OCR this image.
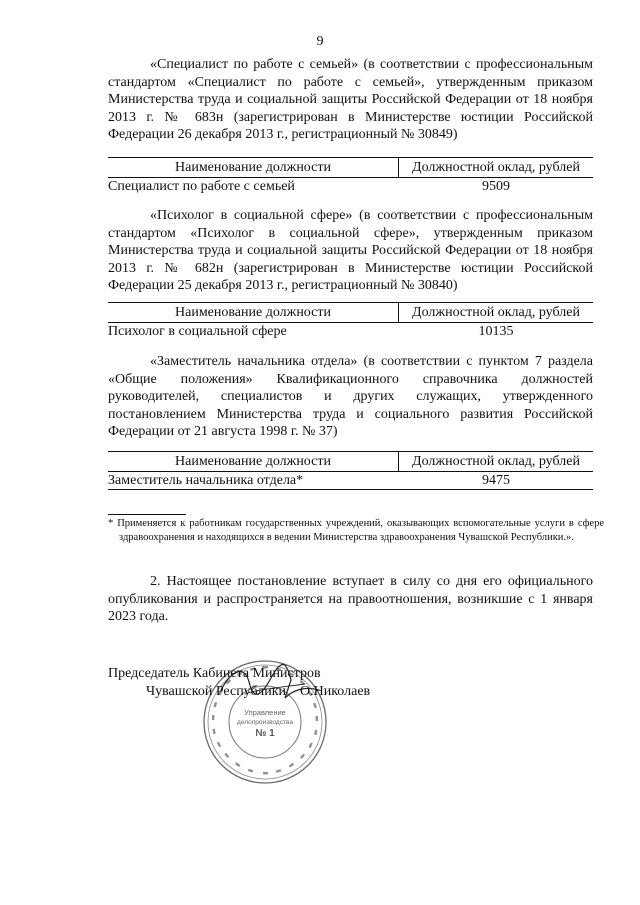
9

«Специалист по работе с семьей» (в соответствии с профессиональным стандартом «Специалист по работе с семьей», утвержденным приказом Министерства труда и социальной защиты Российской Федерации от 18 ноября 2013 г. № 683н (зарегистрирован в Министерстве юстиции Российской Федерации 26 декабря 2013 г., регистрационный № 30849)

Наименование должности	Должностной оклад, рублей
Специалист по работе с семьей	9509

«Психолог в социальной сфере» (в соответствии с профессиональным стандартом «Психолог в социальной сфере», утвержденным приказом Министерства труда и социальной защиты Российской Федерации от 18 ноября 2013 г. № 682н (зарегистрирован в Министерстве юстиции Российской Федерации 25 декабря 2013 г., регистрационный № 30840)

Наименование должности	Должностной оклад, рублей
Психолог в социальной сфере	10135

«Заместитель начальника отдела» (в соответствии с пунктом 7 раздела «Общие положения» Квалификационного справочника должностей руководителей, специалистов и других служащих, утвержденного постановлением Министерства труда и социального развития Российской Федерации от 21 августа 1998 г. № 37)

Наименование должности	Должностной оклад, рублей
Заместитель начальника отдела*	9475

* Применяется к работникам государственных учреждений, оказывающих вспомогательные услуги в сфере здравоохранения и находящихся в ведении Министерства здравоохранения Чувашской Республики.».

2. Настоящее постановление вступает в силу со дня его официального опубликования и распространяется на правоотношения, возникшие с 1 января 2023 года.

Управление
делопроизводства
№ 1
Председатель Кабинета Министров
Чувашской Республики О.Николаев
